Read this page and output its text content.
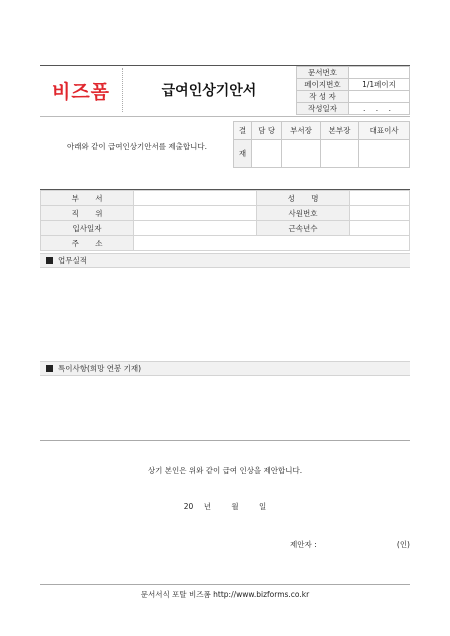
비즈폼	급여인상기안서
문서번호	
페이지번호	1/1페이지
작 성 자	
작성일자	. . .
아래와 같이 급여인상기안서를 제출합니다.
결	담 당	부서장	본부장	대표이사
재				
부 서		성 명	
직 위		사원번호	
입사일자		근속년수	
주 소			
업무실적
특이사항(희망 연봉 기재)
상기 본인은 위와 같이 급여 인상을 제안합니다.
20 년	월	일
제안자 :	(인)
문서서식 포탈 비즈폼 http://www.bizforms.co.kr
